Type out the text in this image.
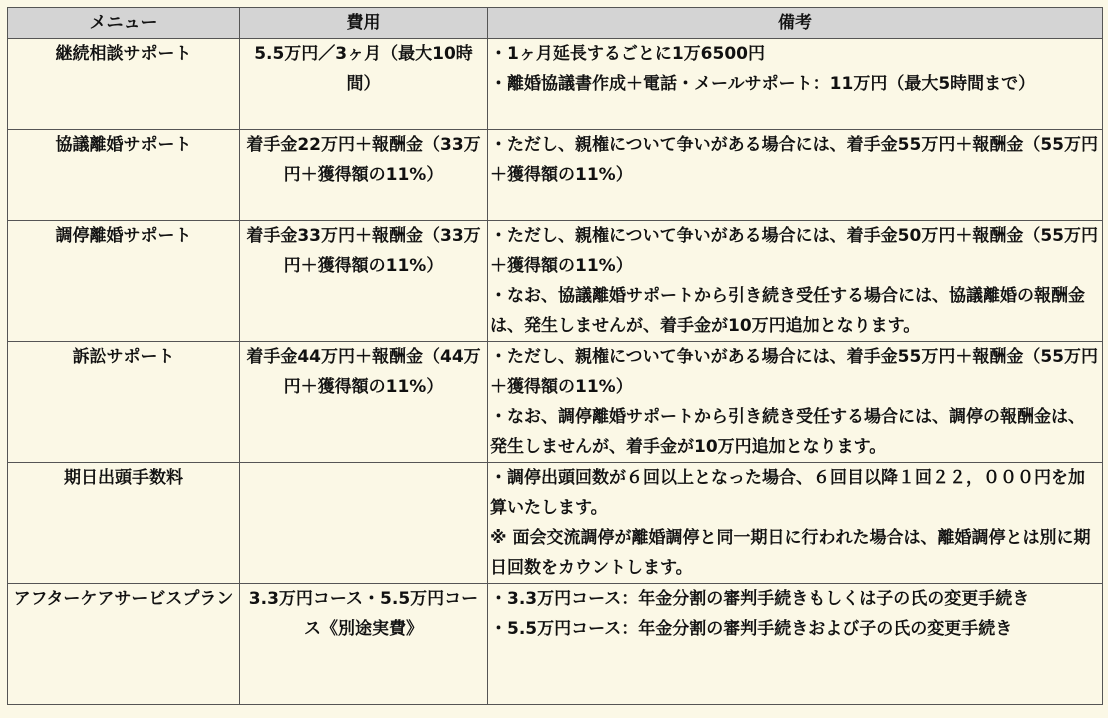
メニュー	費用	備考
継続相談サポート	5.5万円／3ヶ月（最大10時間）	・1ヶ月延長するごとに1万6500円
・離婚協議書作成＋電話・メールサポート：11万円（最大5時間まで）

協議離婚サポート	着手金22万円＋報酬金（33万円＋獲得額の11%）	・ただし、親権について争いがある場合には、着手金55万円＋報酬金（55万円＋獲得額の11%）

調停離婚サポート	着手金33万円＋報酬金（33万円＋獲得額の11%）	・ただし、親権について争いがある場合には、着手金50万円＋報酬金（55万円＋獲得額の11%）
・なお、協議離婚サポートから引き続き受任する場合には、協議離婚の報酬金は、発生しませんが、着手金が10万円追加となります。

訴訟サポート	着手金44万円＋報酬金（44万円＋獲得額の11%）	・ただし、親権について争いがある場合には、着手金55万円＋報酬金（55万円＋獲得額の11%）
・なお、調停離婚サポートから引き続き受任する場合には、調停の報酬金は、発生しませんが、着手金が10万円追加となります。

期日出頭手数料		・調停出頭回数が６回以上となった場合、６回目以降１回２２，０００円を加算いたします。
※ 面会交流調停が離婚調停と同一期日に行われた場合は、離婚調停とは別に期日回数をカウントします。

アフターケアサービスプラン	3.3万円コース・5.5万円コース《別途実費》	・3.3万円コース：年金分割の審判手続きもしくは子の氏の変更手続き
・5.5万円コース：年金分割の審判手続きおよび子の氏の変更手続き
